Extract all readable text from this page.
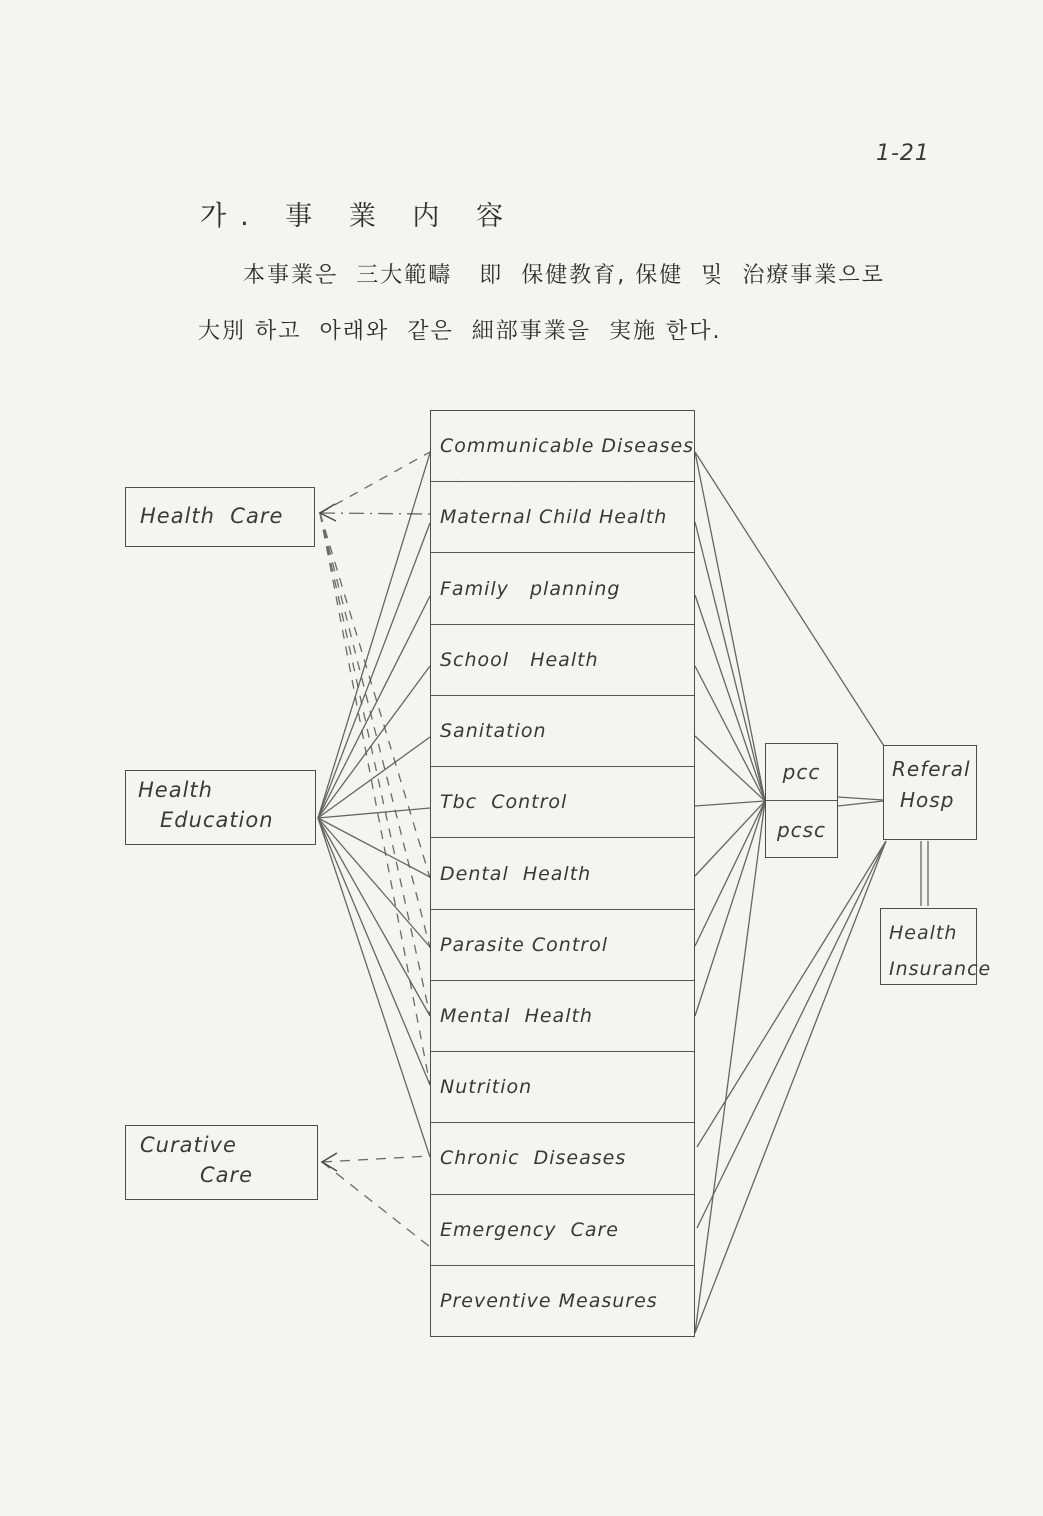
1-21
가. 事 業 内 容
本事業은  三大範疇   即  保健教育, 保健  및  治療事業으로
大別 하고  아래와  같은  細部事業을  実施 한다.
Health  Care
Health
Education
Curative
Care
Communicable Diseases
Maternal Child Health
Family   planning
School   Health
Sanitation
Tbc  Control
Dental  Health
Parasite Control
Mental  Health
Nutrition
Chronic  Diseases
Emergency  Care
Preventive Measures
pcc
pcsc
Referal
Hosp
Health
Insurance
